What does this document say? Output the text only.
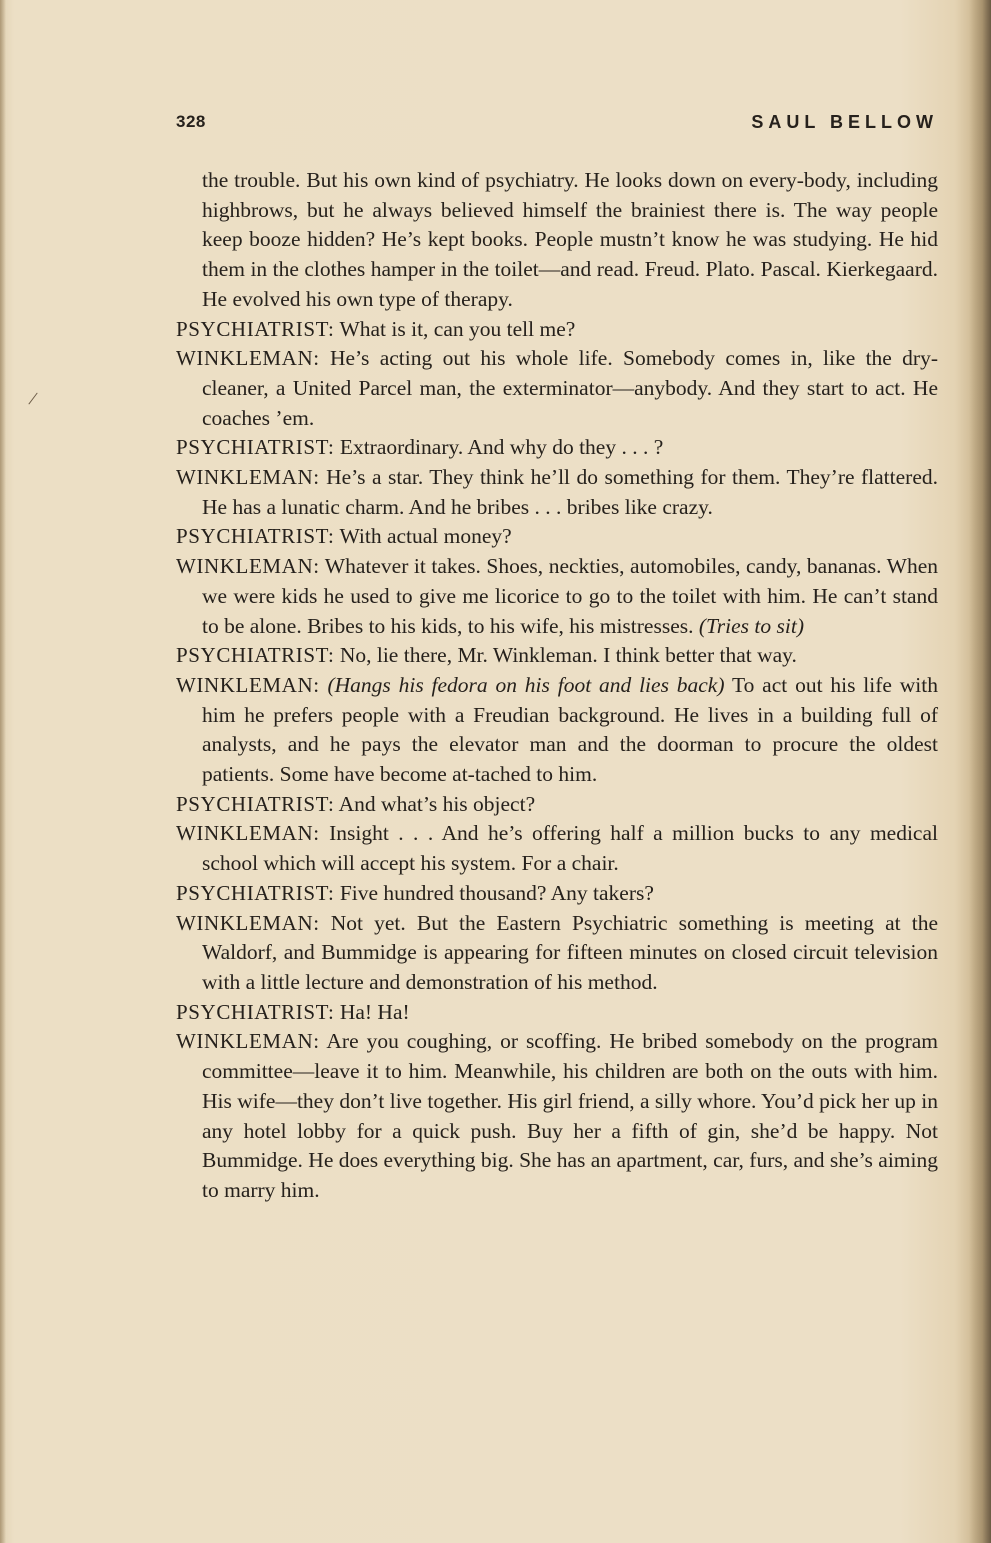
/
328	SAUL BELLOW
the trouble. But his own kind of psychiatry. He looks down on every-body, including highbrows, but he always believed himself the brainiest there is. The way people keep booze hidden? He’s kept books. People mustn’t know he was studying. He hid them in the clothes hamper in the toilet—and read. Freud. Plato. Pascal. Kierkegaard. He evolved his own type of therapy.
PSYCHIATRIST: What is it, can you tell me?
WINKLEMAN: He’s acting out his whole life. Somebody comes in, like the dry-cleaner, a United Parcel man, the exterminator—anybody. And they start to act. He coaches ’em.
PSYCHIATRIST: Extraordinary. And why do they . . . ?
WINKLEMAN: He’s a star. They think he’ll do something for them. They’re flattered. He has a lunatic charm. And he bribes . . . bribes like crazy.
PSYCHIATRIST: With actual money?
WINKLEMAN: Whatever it takes. Shoes, neckties, automobiles, candy, bananas. When we were kids he used to give me licorice to go to the toilet with him. He can’t stand to be alone. Bribes to his kids, to his wife, his mistresses. (Tries to sit)
PSYCHIATRIST: No, lie there, Mr. Winkleman. I think better that way.
WINKLEMAN: (Hangs his fedora on his foot and lies back) To act out his life with him he prefers people with a Freudian background. He lives in a building full of analysts, and he pays the elevator man and the doorman to procure the oldest patients. Some have become at-tached to him.
PSYCHIATRIST: And what’s his object?
WINKLEMAN: Insight . . . And he’s offering half a million bucks to any medical school which will accept his system. For a chair.
PSYCHIATRIST: Five hundred thousand? Any takers?
WINKLEMAN: Not yet. But the Eastern Psychiatric something is meeting at the Waldorf, and Bummidge is appearing for fifteen minutes on closed circuit television with a little lecture and demonstration of his method.
PSYCHIATRIST: Ha! Ha!
WINKLEMAN: Are you coughing, or scoffing. He bribed somebody on the program committee—leave it to him. Meanwhile, his children are both on the outs with him. His wife—they don’t live together. His girl friend, a silly whore. You’d pick her up in any hotel lobby for a quick push. Buy her a fifth of gin, she’d be happy. Not Bummidge. He does everything big. She has an apartment, car, furs, and she’s aiming to marry him.
